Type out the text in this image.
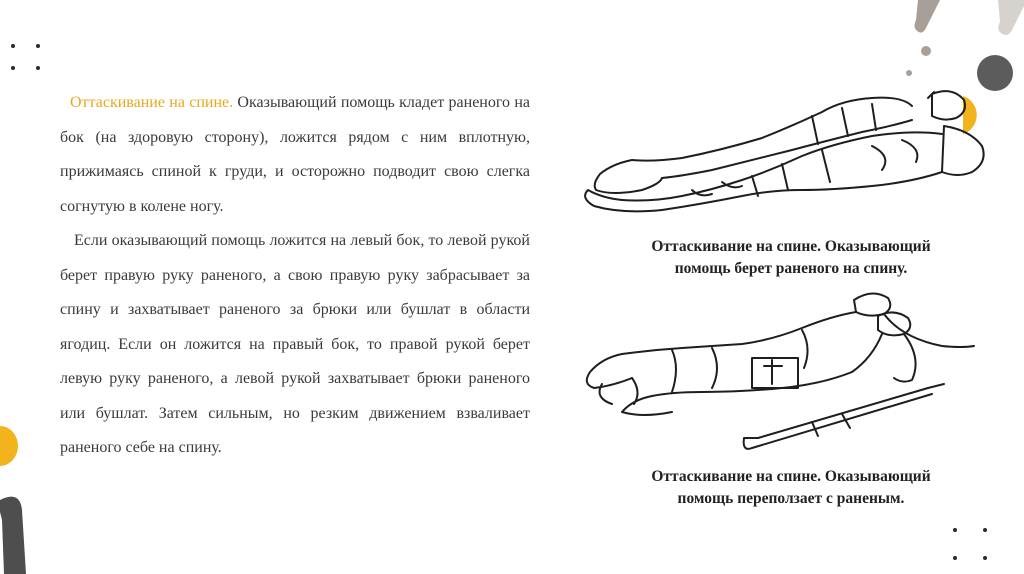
Оттаскивание на спине. Оказывающий помощь кладет раненого на бок (на здоровую сторону), ложится рядом с ним вплотную, прижимаясь спиной к груди, и осторожно подводит свою слегка согнутую в колене ногу.

Если оказывающий помощь ложится на левый бок, то левой рукой берет правую руку раненого, а свою правую руку забрасывает за спину и захватывает раненого за брюки или бушлат в области ягодиц. Если он ложится на правый бок, то правой рукой берет левую руку раненого, а левой рукой захватывает брюки раненого или бушлат. Затем сильным, но резким движением взваливает раненого себе на спину.

Оттаскивание на спине. Оказывающий
помощь берет раненого на спину.
Оттаскивание на спине. Оказывающий
помощь переползает с раненым.
